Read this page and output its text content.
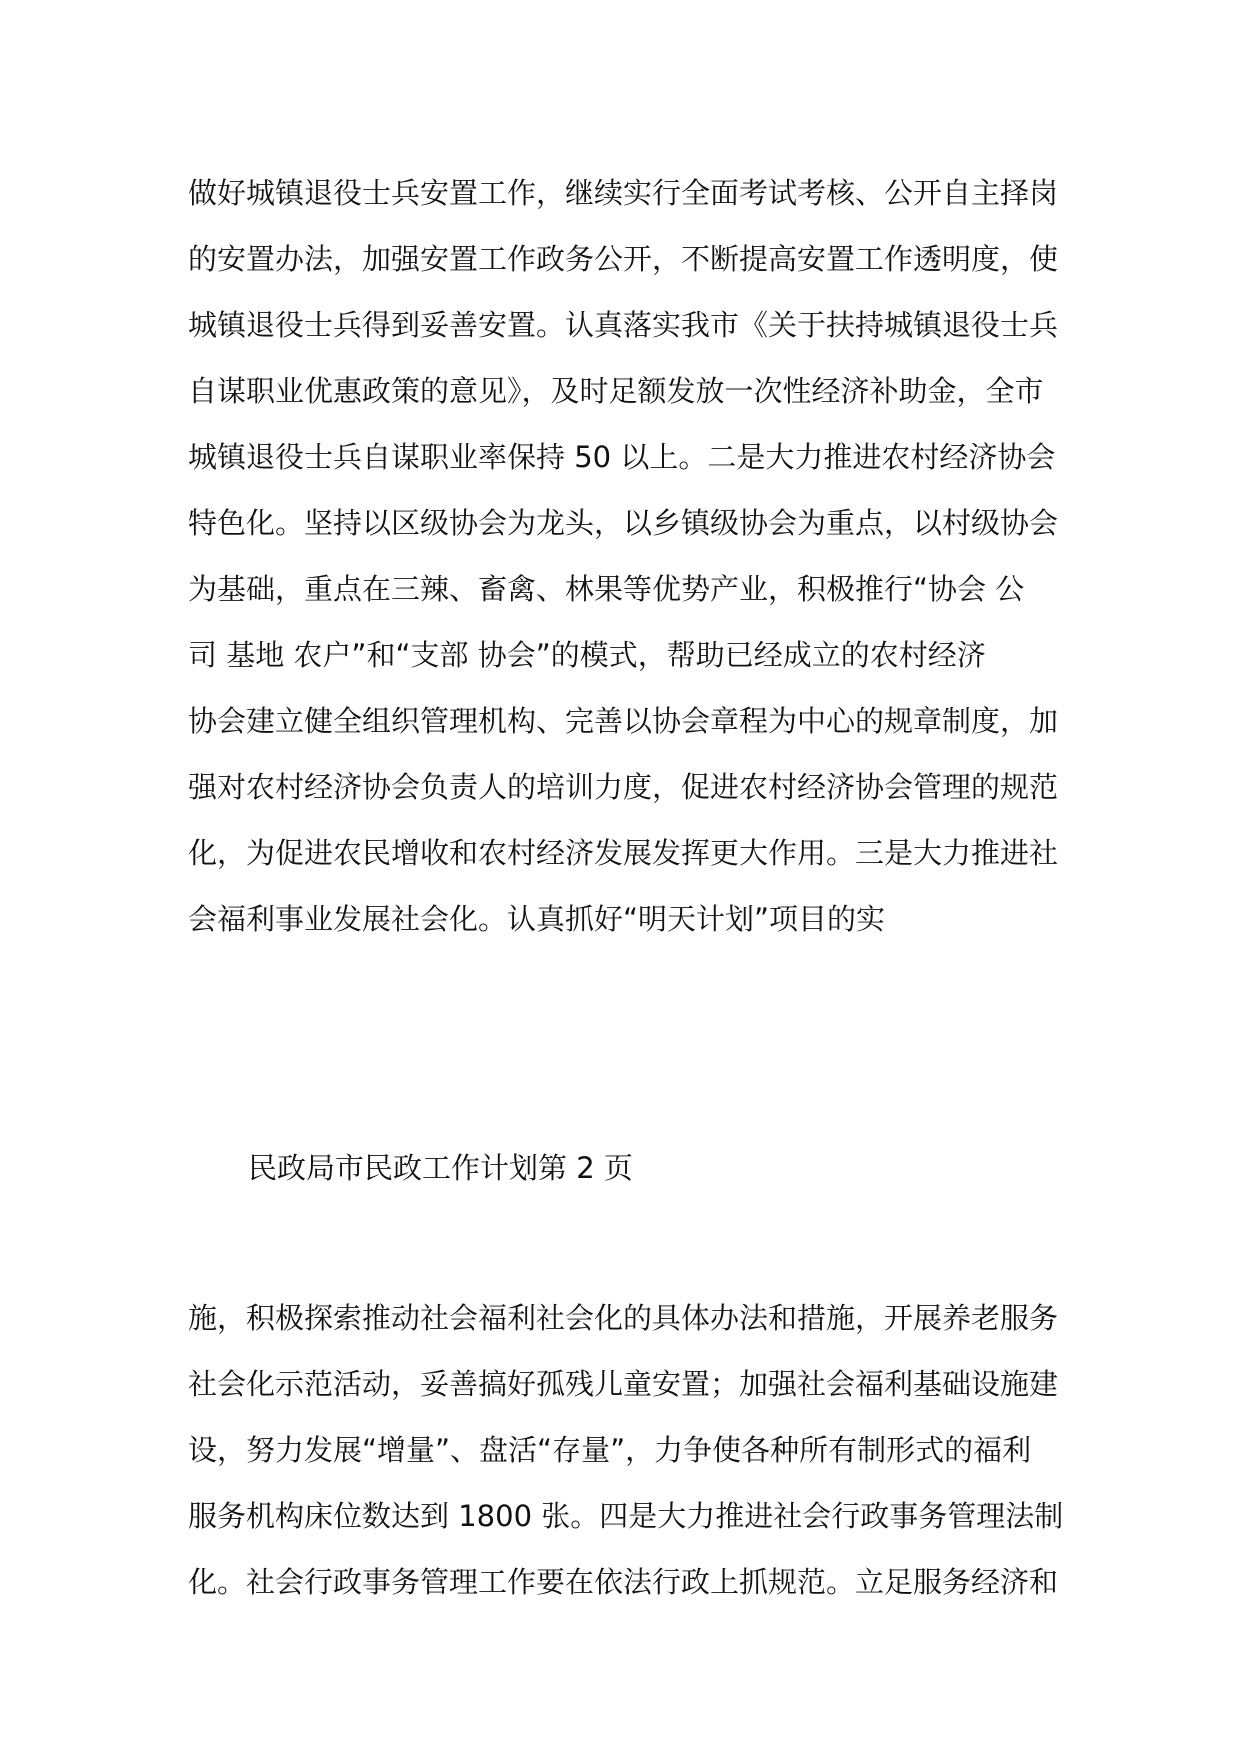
做好城镇退役士兵安置工作，继续实行全面考试考核、公开自主择岗
的安置办法，加强安置工作政务公开，不断提高安置工作透明度，使
城镇退役士兵得到妥善安置。认真落实我市《关于扶持城镇退役士兵
自谋职业优惠政策的意见》，及时足额发放一次性经济补助金，全市
城镇退役士兵自谋职业率保持 50 以上。二是大力推进农村经济协会
特色化。坚持以区级协会为龙头，以乡镇级协会为重点，以村级协会
为基础，重点在三辣、畜禽、林果等优势产业，积极推行“协会 公
司 基地 农户”和“支部 协会”的模式，帮助已经成立的农村经济
协会建立健全组织管理机构、完善以协会章程为中心的规章制度，加
强对农村经济协会负责人的培训力度，促进农村经济协会管理的规范
化，为促进农民增收和农村经济发展发挥更大作用。三是大力推进社
会福利事业发展社会化。认真抓好“明天计划”项目的实
民政局市民政工作计划第 2 页
施，积极探索推动社会福利社会化的具体办法和措施，开展养老服务
社会化示范活动，妥善搞好孤残儿童安置；加强社会福利基础设施建
设，努力发展“增量”、盘活“存量”，力争使各种所有制形式的福利
服务机构床位数达到 1800 张。四是大力推进社会行政事务管理法制
化。社会行政事务管理工作要在依法行政上抓规范。立足服务经济和
